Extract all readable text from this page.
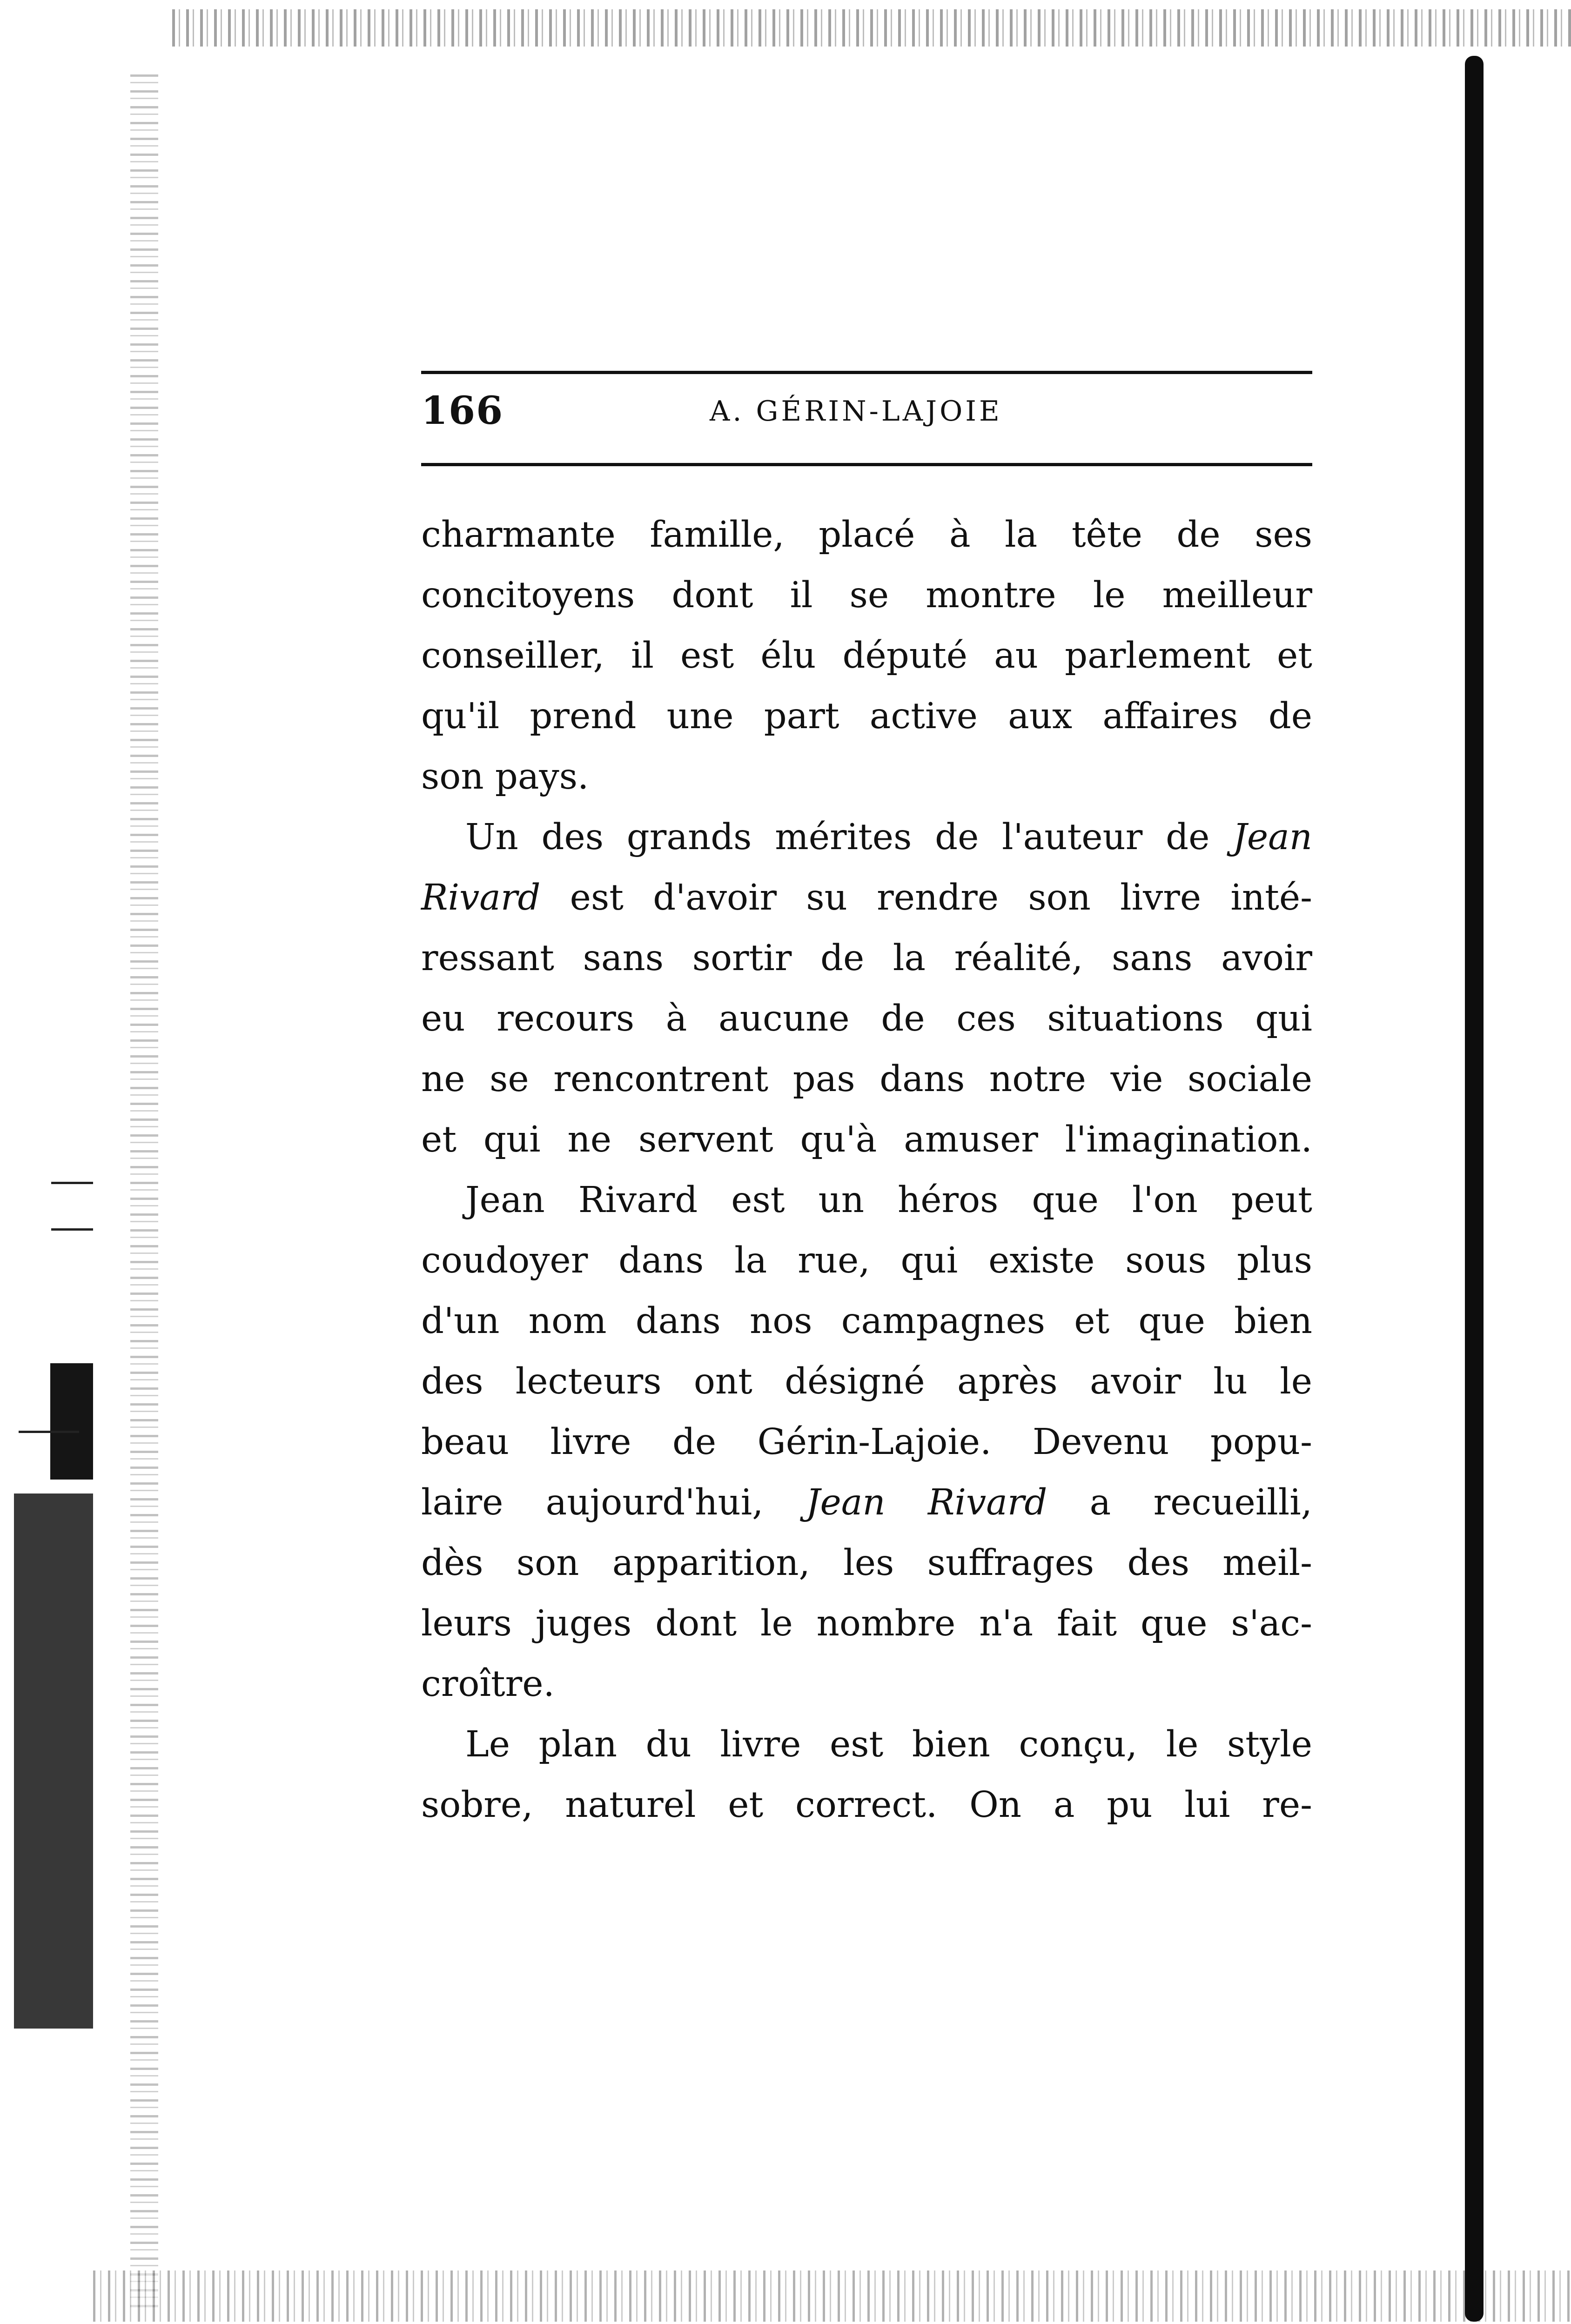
166	A. GÉRIN-LAJOIE
charmante famille, placé à la tête de ses
concitoyens dont il se montre le meilleur
conseiller, il est élu député au parlement et
qu'il prend une part active aux affaires de
son pays.
Un des grands mérites de l'auteur de Jean
Rivard est d'avoir su rendre son livre inté-
ressant sans sortir de la réalité, sans avoir
eu recours à aucune de ces situations qui
ne se rencontrent pas dans notre vie sociale
et qui ne servent qu'à amuser l'imagination.
Jean Rivard est un héros que l'on peut
coudoyer dans la rue, qui existe sous plus
d'un nom dans nos campagnes et que bien
des lecteurs ont désigné après avoir lu le
beau livre de Gérin-Lajoie. Devenu popu-
laire aujourd'hui, Jean Rivard a recueilli,
dès son apparition, les suffrages des meil-
leurs juges dont le nombre n'a fait que s'ac-
croître.
Le plan du livre est bien conçu, le style
sobre, naturel et correct. On a pu lui re-
